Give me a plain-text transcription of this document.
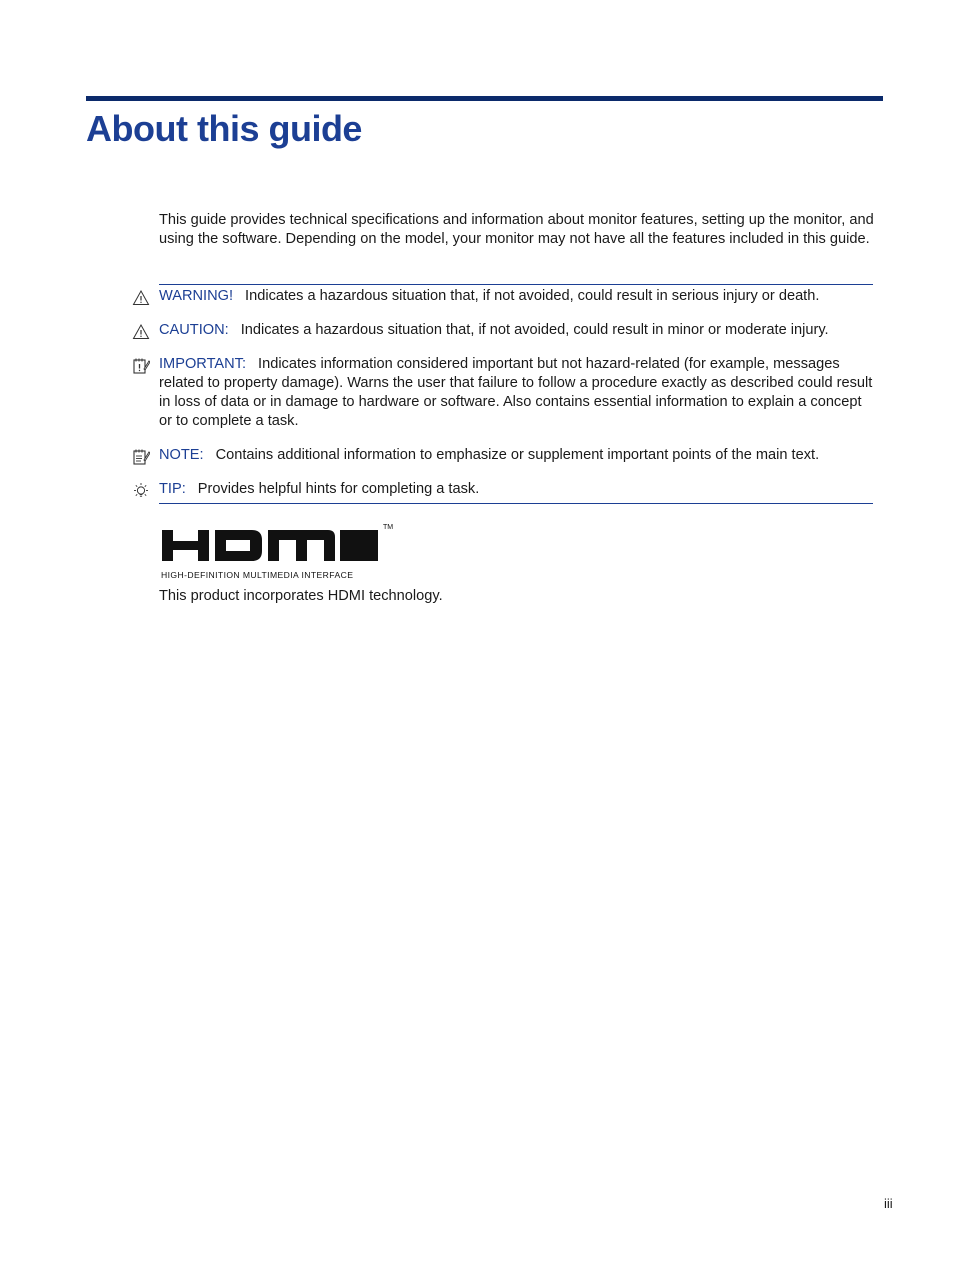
About this guide

This guide provides technical specifications and information about monitor features, setting up the monitor, and using the software. Depending on the model, your monitor may not have all the features included in this guide.

WARNING! Indicates a hazardous situation that, if not avoided, could result in serious injury or death.
CAUTION: Indicates a hazardous situation that, if not avoided, could result in minor or moderate injury.
IMPORTANT: Indicates information considered important but not hazard-related (for example, messages related to property damage). Warns the user that failure to follow a procedure exactly as described could result in loss of data or in damage to hardware or software. Also contains essential information to explain a concept or to complete a task.
NOTE: Contains additional information to emphasize or supplement important points of the main text.
TIP: Provides helpful hints for completing a task.
TM
HIGH-DEFINITION MULTIMEDIA INTERFACE

This product incorporates HDMI technology.

iii
